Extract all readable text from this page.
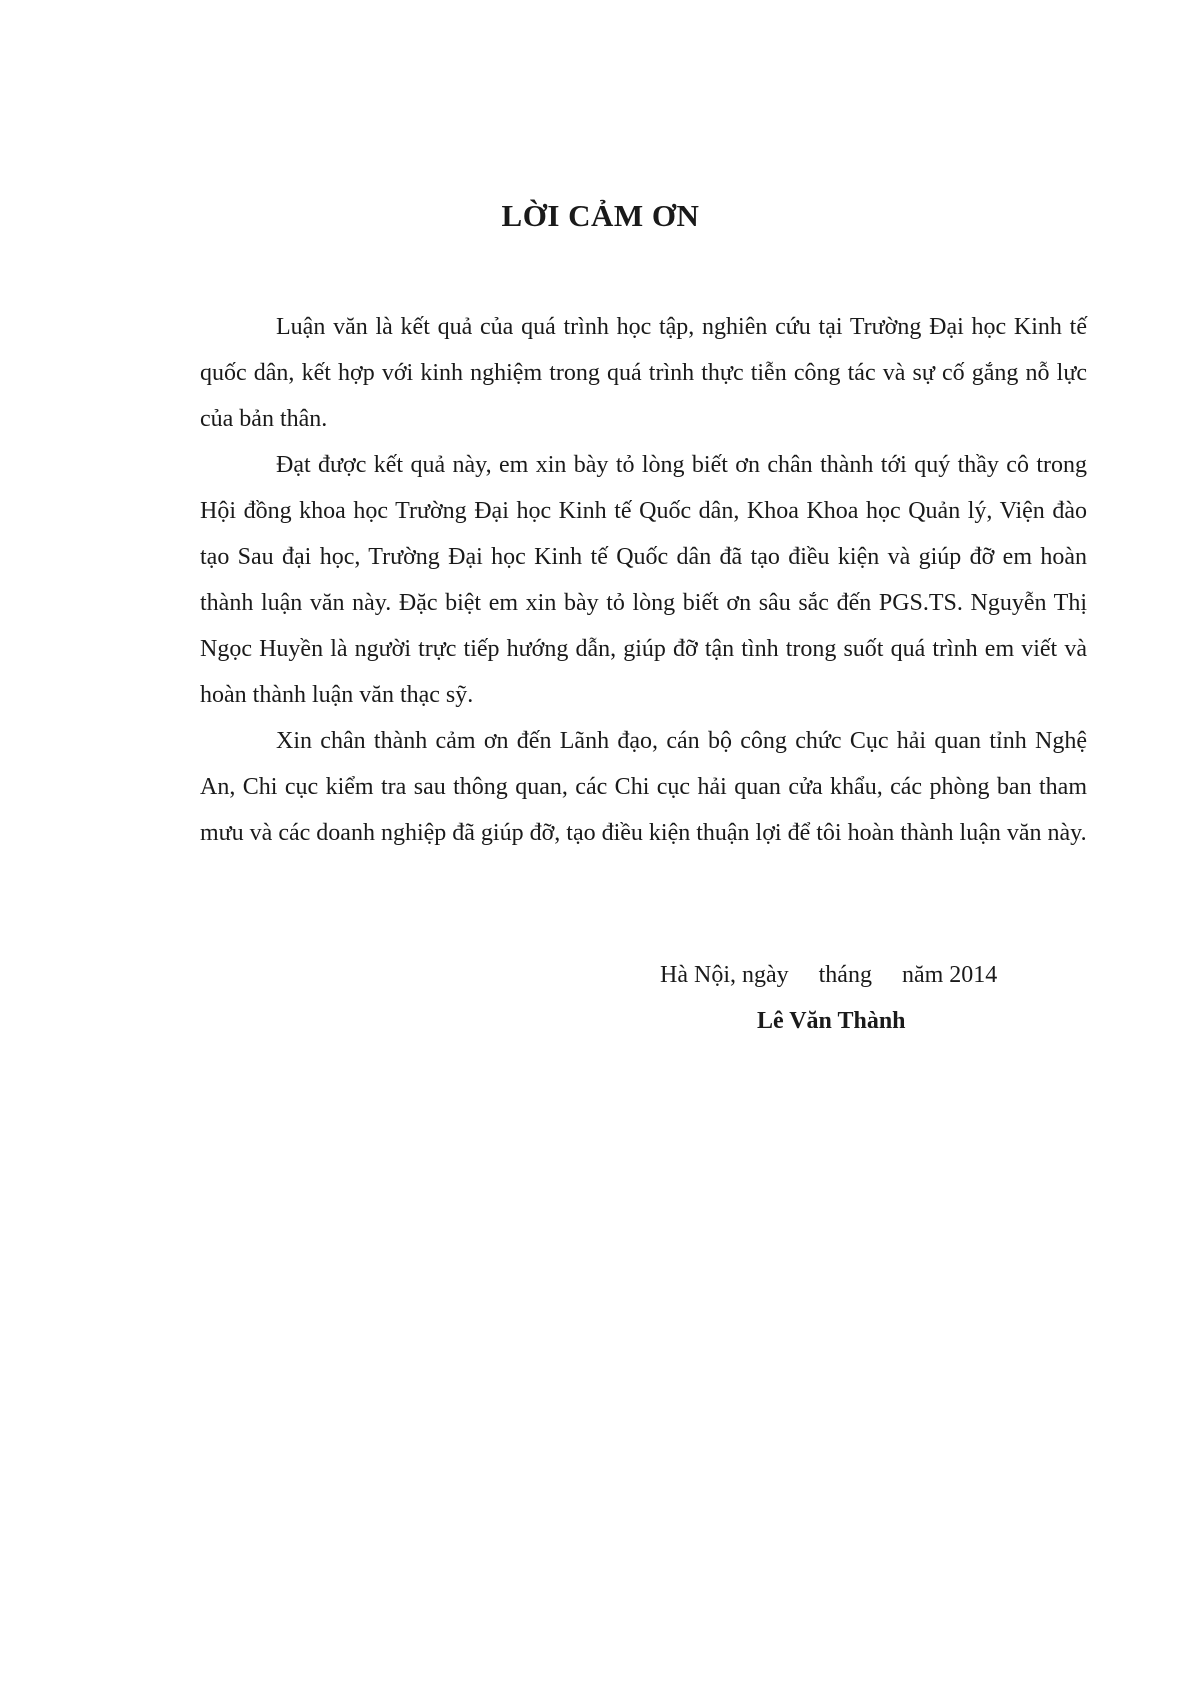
LỜI CẢM ƠN

Luận văn là kết quả của quá trình học tập, nghiên cứu tại Trường Đại học Kinh tế quốc dân, kết hợp với kinh nghiệm trong quá trình thực tiễn công tác và sự cố gắng nỗ lực của bản thân.

Đạt được kết quả này, em xin bày tỏ lòng biết ơn chân thành tới quý thầy cô trong Hội đồng khoa học Trường Đại học Kinh tế Quốc dân, Khoa Khoa học Quản lý, Viện đào tạo Sau đại học, Trường Đại học Kinh tế Quốc dân đã tạo điều kiện và giúp đỡ em hoàn thành luận văn này. Đặc biệt em xin bày tỏ lòng biết ơn sâu sắc đến PGS.TS. Nguyễn Thị Ngọc Huyền là người trực tiếp hướng dẫn, giúp đỡ tận tình trong suốt quá trình em viết và hoàn thành luận văn thạc sỹ.

Xin chân thành cảm ơn đến Lãnh đạo, cán bộ công chức Cục hải quan tỉnh Nghệ An, Chi cục kiểm tra sau thông quan, các Chi cục hải quan cửa khẩu, các phòng ban tham mưu và các doanh nghiệp đã giúp đỡ, tạo điều kiện thuận lợi để tôi hoàn thành luận văn này.

Hà Nội, ngày     tháng     năm 2014
Lê Văn Thành
